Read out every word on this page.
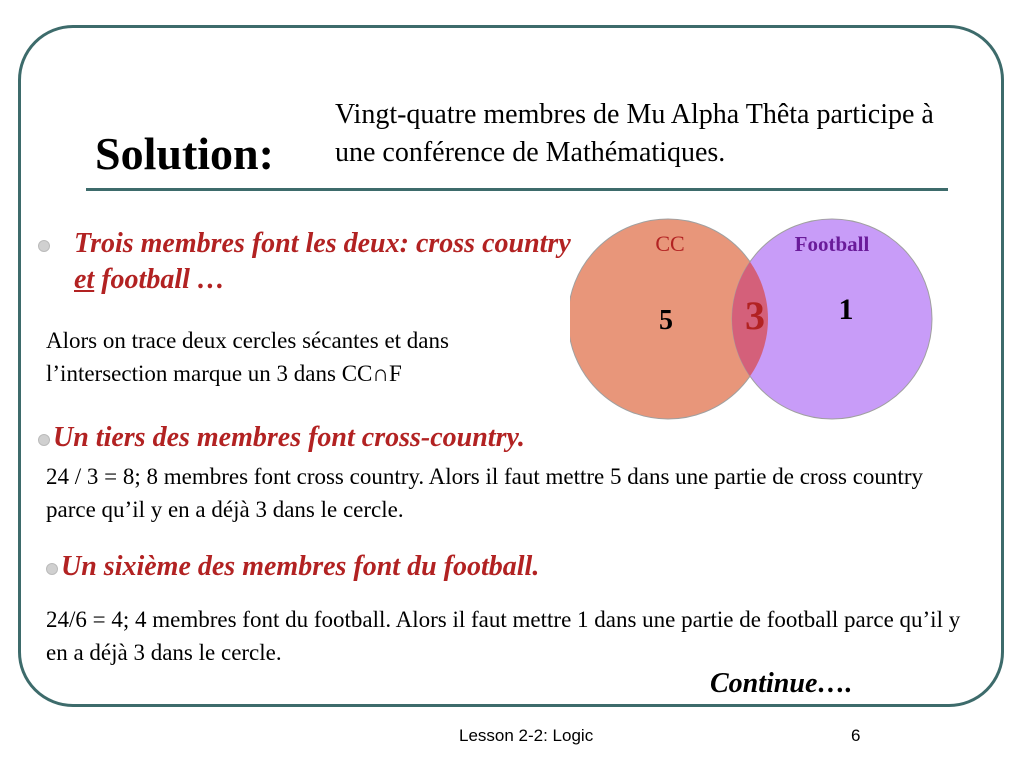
Solution:
Vingt-quatre membres de Mu Alpha Thêta participe à une conférence de Mathématiques.
Trois membres font les deux: cross country et football …
Alors on trace deux cercles sécantes et dans l’intersection marque un 3 dans CC∩F
CC	Football
5 3 1
Un tiers des membres font cross-country.
24 / 3 = 8; 8 membres font cross country. Alors il faut mettre 5 dans une partie de cross country parce qu’il y en a déjà 3 dans le cercle.
Un sixième des membres font du football.
24/6 = 4; 4 membres font du football. Alors il faut mettre 1 dans une partie de football parce qu’il y en a déjà 3 dans le cercle.
Continue….
Lesson 2-2: Logic	6
